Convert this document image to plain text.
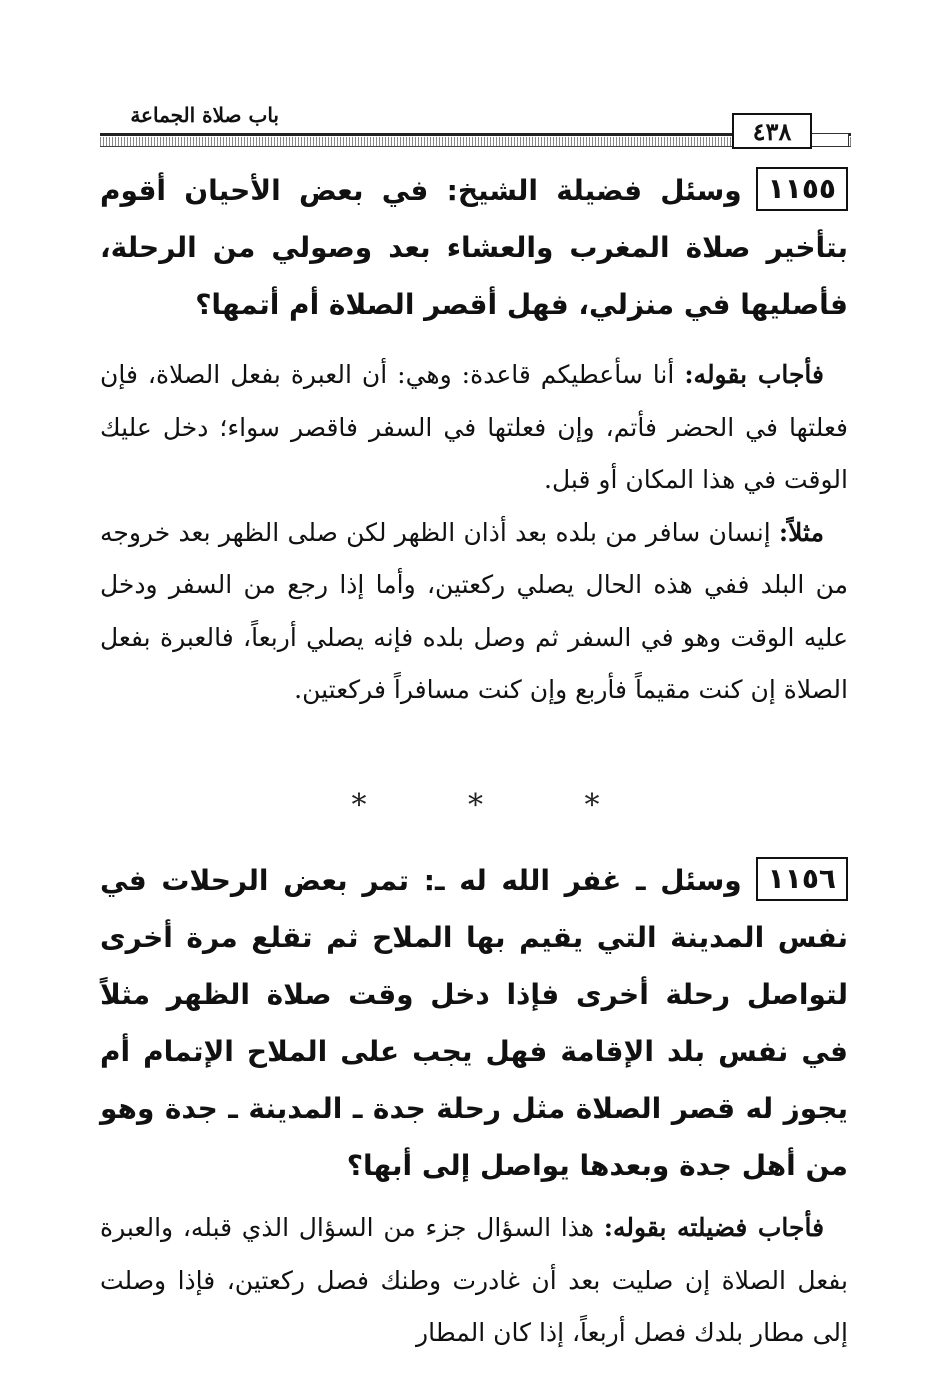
باب صلاة الجماعة
٤٣٨
١١٥٥وسئل فضيلة الشيخ: في بعض الأحيان أقوم بتأخير صلاة المغرب والعشاء بعد وصولي من الرحلة، فأصليها في منزلي، فهل أقصر الصلاة أم أتمها؟
فأجاب بقوله: أنا سأعطيكم قاعدة: وهي: أن العبرة بفعل الصلاة، فإن فعلتها في الحضر فأتم، وإن فعلتها في السفر فاقصر سواء؛ دخل عليك الوقت في هذا المكان أو قبل.
مثلاً: إنسان سافر من بلده بعد أذان الظهر لكن صلى الظهر بعد خروجه من البلد ففي هذه الحال يصلي ركعتين، وأما إذا رجع من السفر ودخل عليه الوقت وهو في السفر ثم وصل بلده فإنه يصلي أربعاً، فالعبرة بفعل الصلاة إن كنت مقيماً فأربع وإن كنت مسافراً فركعتين.
* * *
١١٥٦وسئل ـ غفر الله له ـ: تمر بعض الرحلات في نفس المدينة التي يقيم بها الملاح ثم تقلع مرة أخرى لتواصل رحلة أخرى فإذا دخل وقت صلاة الظهر مثلاً في نفس بلد الإقامة فهل يجب على الملاح الإتمام أم يجوز له قصر الصلاة مثل رحلة جدة ـ المدينة ـ جدة وهو من أهل جدة وبعدها يواصل إلى أبها؟
فأجاب فضيلته بقوله: هذا السؤال جزء من السؤال الذي قبله، والعبرة بفعل الصلاة إن صليت بعد أن غادرت وطنك فصل ركعتين، فإذا وصلت إلى مطار بلدك فصل أربعاً، إذا كان المطار
